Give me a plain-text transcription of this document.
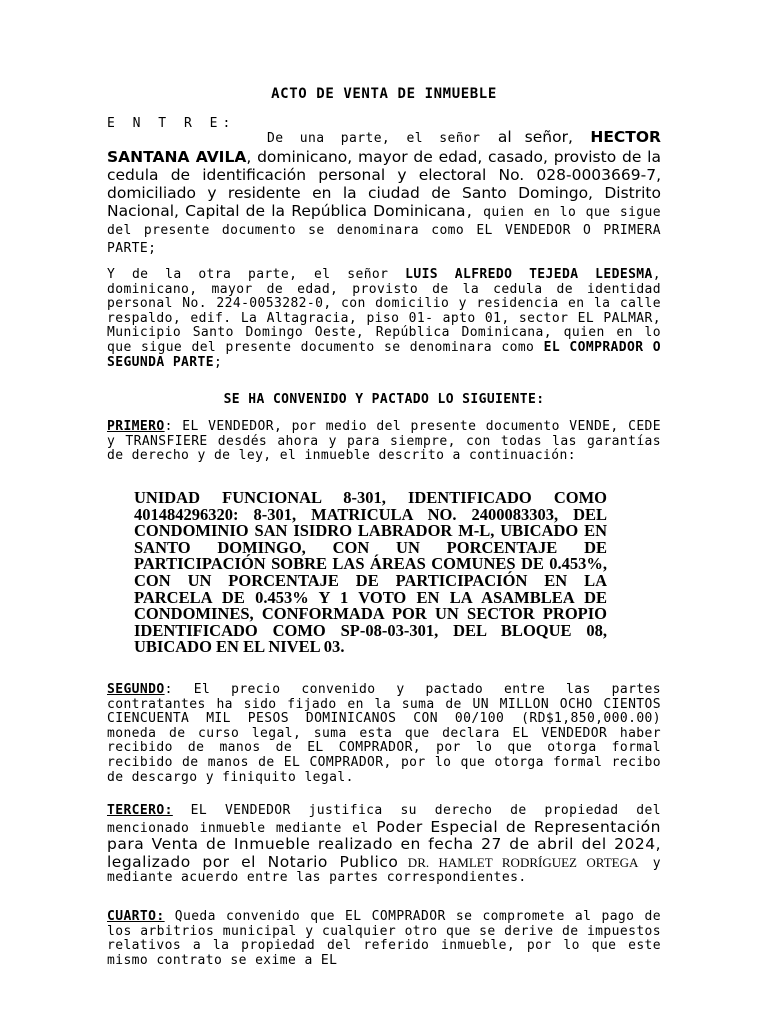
ACTO DE VENTA DE INMUEBLE
E N T R E:
De una parte, el señor al señor, HECTOR SANTANA AVILA, dominicano, mayor de edad, casado, provisto de la cedula de identificación personal y electoral No. 028-0003669-7, domiciliado y residente en la ciudad de Santo Domingo, Distrito Nacional, Capital de la República Dominicana, quien en lo que sigue del presente documento se denominara como EL VENDEDOR O PRIMERA PARTE;
Y de la otra parte, el señor LUIS ALFREDO TEJEDA LEDESMA, dominicano, mayor de edad, provisto de la cedula de identidad personal No. 224-0053282-0, con domicilio y residencia en la calle respaldo, edif. La Altagracia, piso 01- apto 01, sector EL PALMAR, Municipio Santo Domingo Oeste, República Dominicana, quien en lo que sigue del presente documento se denominara como EL COMPRADOR O SEGUNDA PARTE;
SE HA CONVENIDO Y PACTADO LO SIGUIENTE:
PRIMERO: EL VENDEDOR, por medio del presente documento VENDE, CEDE y TRANSFIERE desdés ahora y para siempre, con todas las garantías de derecho y de ley, el inmueble descrito a continuación:
UNIDAD FUNCIONAL 8-301, IDENTIFICADO COMO 401484296320: 8-301, MATRICULA NO. 2400083303, DEL CONDOMINIO SAN ISIDRO LABRADOR M-L, UBICADO EN SANTO DOMINGO, CON UN PORCENTAJE DE PARTICIPACIÓN SOBRE LAS ÁREAS COMUNES DE 0.453%, CON UN PORCENTAJE DE PARTICIPACIÓN EN LA PARCELA DE 0.453% Y 1 VOTO EN LA ASAMBLEA DE CONDOMINES, CONFORMADA POR UN SECTOR PROPIO IDENTIFICADO COMO SP-08-03-301, DEL BLOQUE 08, UBICADO EN EL NIVEL 03.
SEGUNDO: El precio convenido y pactado entre las partes contratantes ha sido fijado en la suma de UN MILLON OCHO CIENTOS CIENCUENTA MIL PESOS DOMINICANOS CON 00/100 (RD$1,850,000.00) moneda de curso legal, suma esta que declara EL VENDEDOR haber recibido de manos de EL COMPRADOR, por lo que otorga formal recibido de manos de EL COMPRADOR, por lo que otorga formal recibo de descargo y finiquito legal.
TERCERO: EL VENDEDOR justifica su derecho de propiedad del mencionado inmueble mediante el Poder Especial de Representación para Venta de Inmueble realizado en fecha 27 de abril del 2024, legalizado por el Notario Publico DR. HAMLET RODRÍGUEZ ORTEGA y mediante acuerdo entre las partes correspondientes.
CUARTO: Queda convenido que EL COMPRADOR se compromete al pago de los arbitrios municipal y cualquier otro que se derive de impuestos relativos a la propiedad del referido inmueble, por lo que este mismo contrato se exime a EL
